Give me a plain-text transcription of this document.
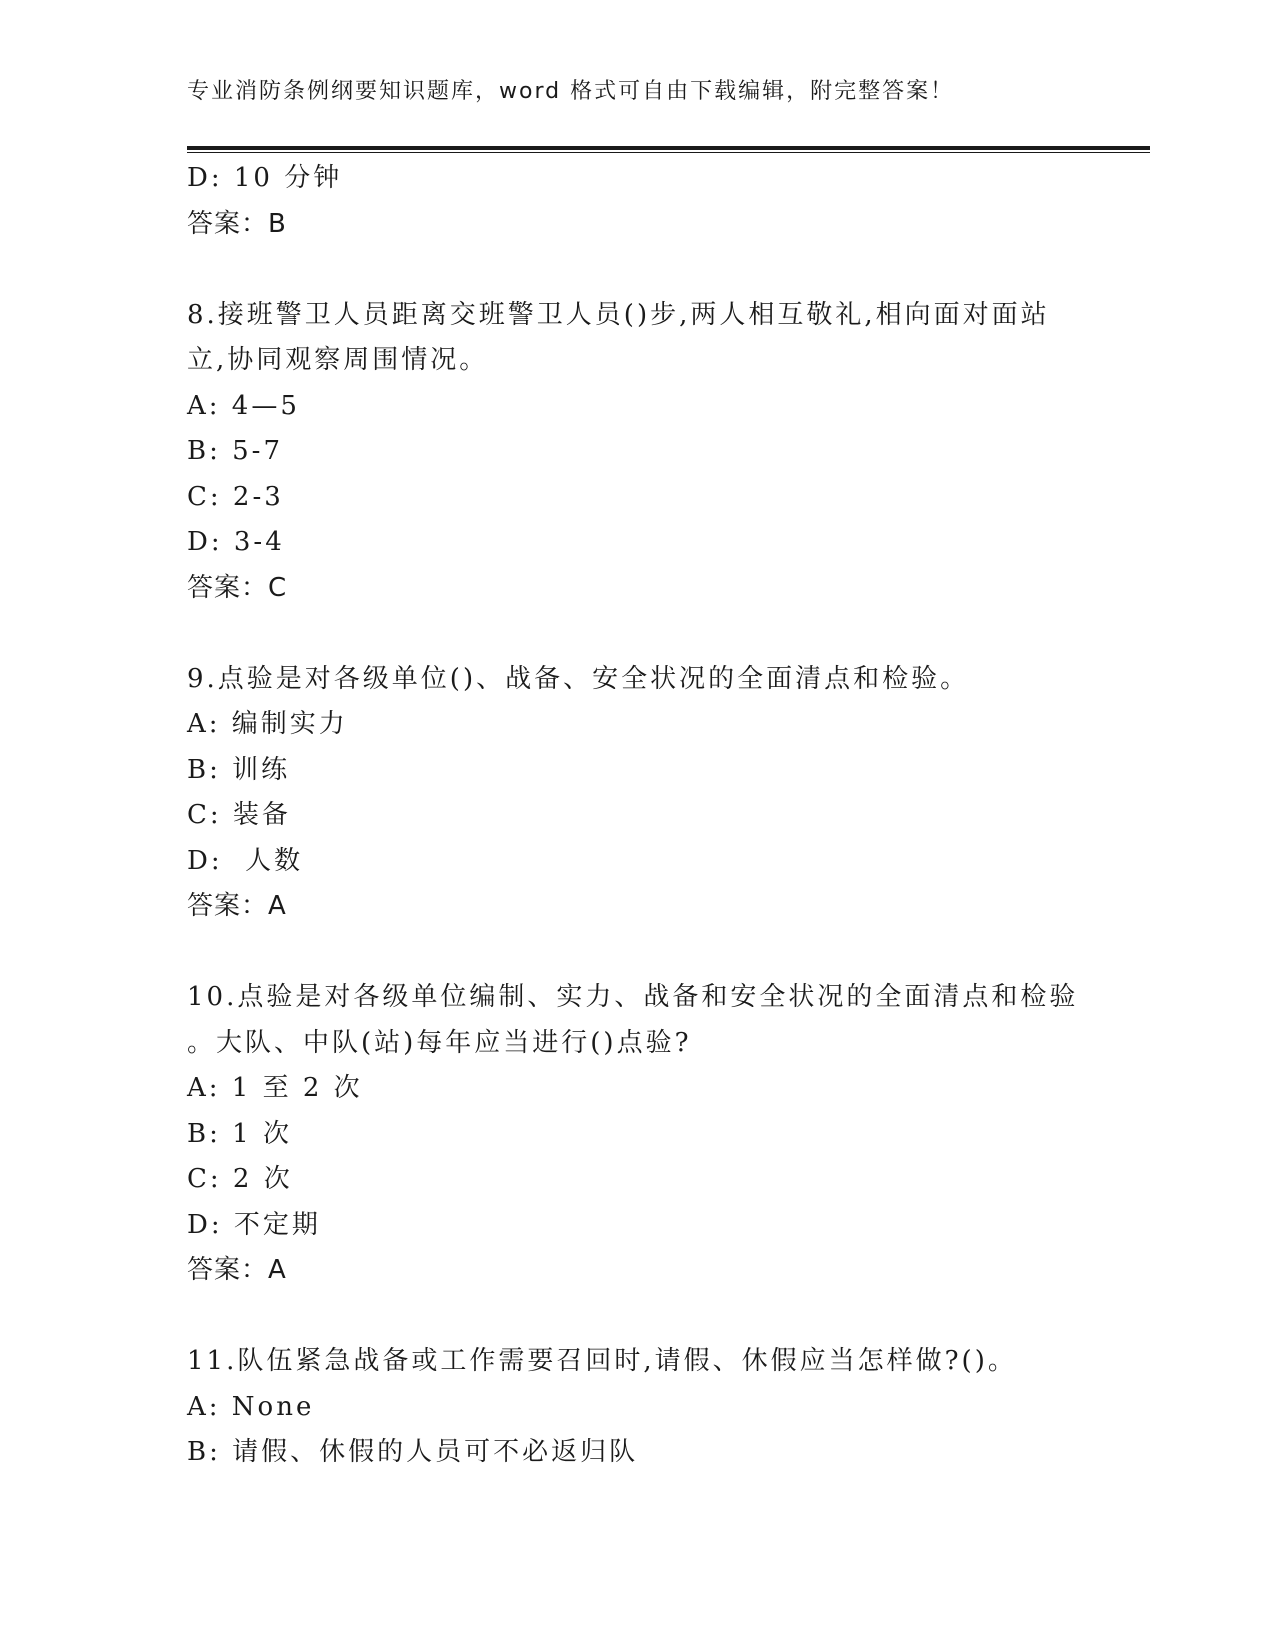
专业消防条例纲要知识题库，word 格式可自由下载编辑，附完整答案！
D: 10 分钟
答案：B
8.接班警卫人员距离交班警卫人员()步,两人相互敬礼,相向面对面站
立,协同观察周围情况。
A: 4—5
B: 5-7
C: 2-3
D: 3-4
答案：C
9.点验是对各级单位()、战备、安全状况的全面清点和检验。
A: 编制实力
B: 训练
C: 装备
D:  人数
答案：A
10.点验是对各级单位编制、实力、战备和安全状况的全面清点和检验
。大队、中队(站)每年应当进行()点验?
A: 1 至 2 次
B: 1 次
C: 2 次
D: 不定期
答案：A
11.队伍紧急战备或工作需要召回时,请假、休假应当怎样做?()。
A: None
B: 请假、休假的人员可不必返归队
